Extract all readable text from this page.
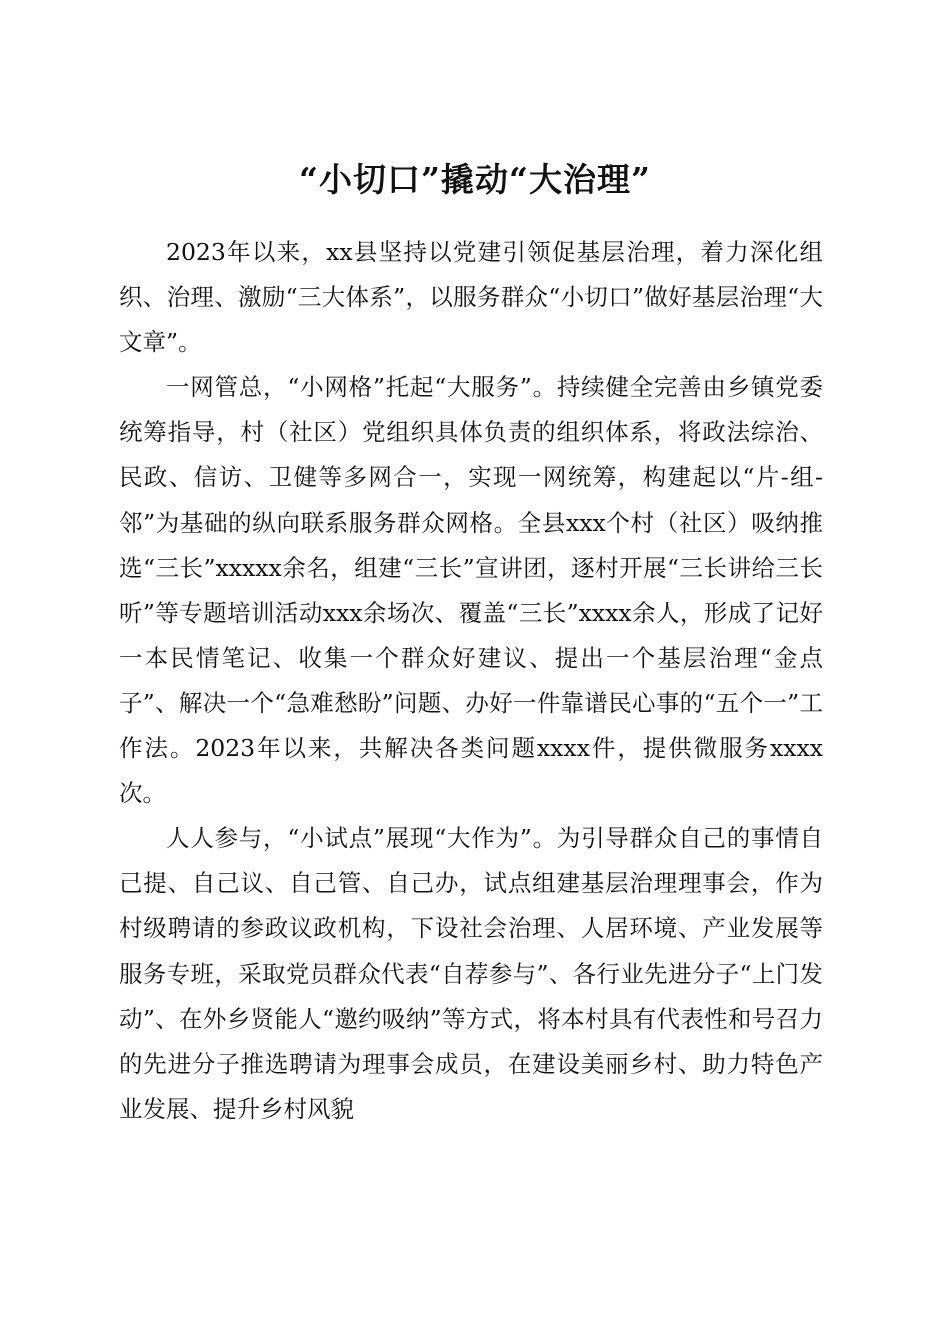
“小切口”撬动“大治理”

2023年以来，xx县坚持以党建引领促基层治理，着力深化组织、治理、激励“三大体系”，以服务群众“小切口”做好基层治理“大文章”。

一网管总，“小网格”托起“大服务”。持续健全完善由乡镇党委统筹指导，村（社区）党组织具体负责的组织体系，将政法综治、民政、信访、卫健等多网合一，实现一网统筹，构建起以“片-组-邻”为基础的纵向联系服务群众网格。全县xxx个村（社区）吸纳推选“三长”xxxxx余名，组建“三长”宣讲团，逐村开展“三长讲给三长听”等专题培训活动xxx余场次、覆盖“三长”xxxx余人，形成了记好一本民情笔记、收集一个群众好建议、提出一个基层治理“金点子”、解决一个“急难愁盼”问题、办好一件靠谱民心事的“五个一”工作法。2023年以来，共解决各类问题xxxx件，提供微服务xxxx次。

人人参与，“小试点”展现“大作为”。为引导群众自己的事情自己提、自己议、自己管、自己办，试点组建基层治理理事会，作为村级聘请的参政议政机构，下设社会治理、人居环境、产业发展等服务专班，采取党员群众代表“自荐参与”、各行业先进分子“上门发动”、在外乡贤能人“邀约吸纳”等方式，将本村具有代表性和号召力的先进分子推选聘请为理事会成员，在建设美丽乡村、助力特色产业发展、提升乡村风貌
